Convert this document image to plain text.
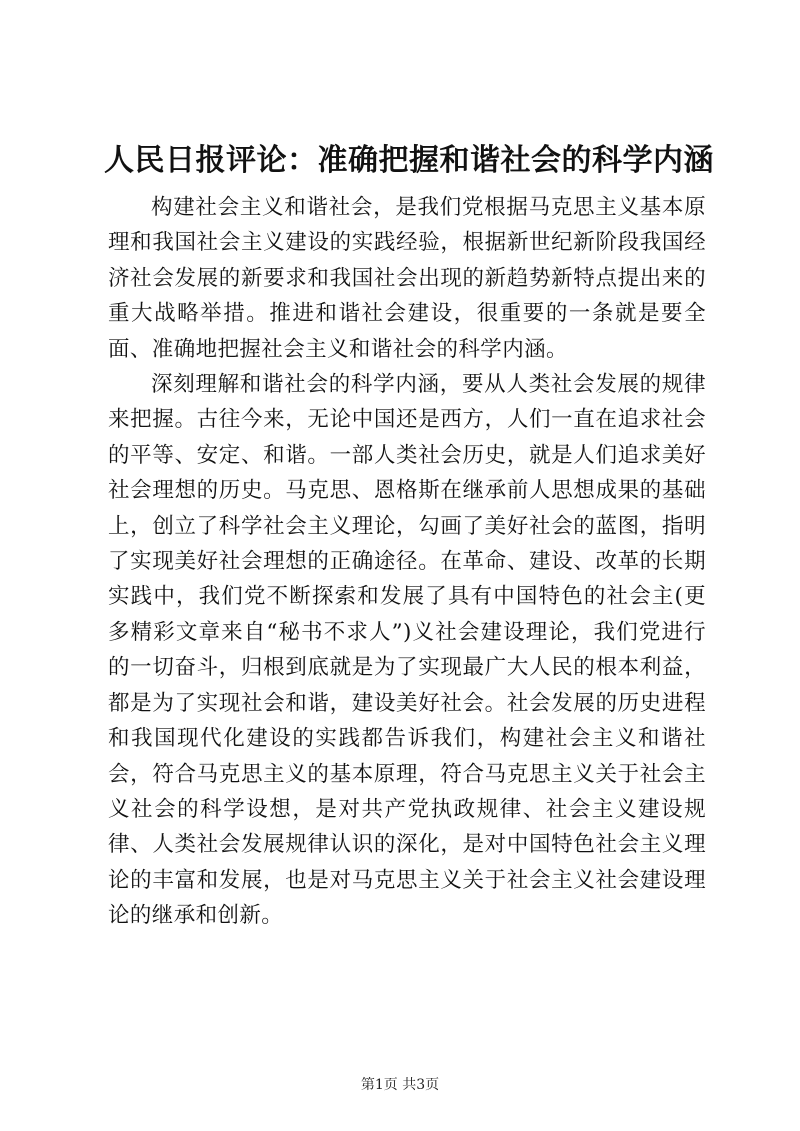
人民日报评论：准确把握和谐社会的科学内涵

构建社会主义和谐社会，是我们党根据马克思主义基本原理和我国社会主义建设的实践经验，根据新世纪新阶段我国经济社会发展的新要求和我国社会出现的新趋势新特点提出来的重大战略举措。推进和谐社会建设，很重要的一条就是要全面、准确地把握社会主义和谐社会的科学内涵。

深刻理解和谐社会的科学内涵，要从人类社会发展的规律来把握。古往今来，无论中国还是西方，人们一直在追求社会的平等、安定、和谐。一部人类社会历史，就是人们追求美好社会理想的历史。马克思、恩格斯在继承前人思想成果的基础上，创立了科学社会主义理论，勾画了美好社会的蓝图，指明了实现美好社会理想的正确途径。在革命、建设、改革的长期实践中，我们党不断探索和发展了具有中国特色的社会主(更多精彩文章来自“秘书不求人”)义社会建设理论，我们党进行的一切奋斗，归根到底就是为了实现最广大人民的根本利益，都是为了实现社会和谐，建设美好社会。社会发展的历史进程和我国现代化建设的实践都告诉我们，构建社会主义和谐社会，符合马克思主义的基本原理，符合马克思主义关于社会主义社会的科学设想，是对共产党执政规律、社会主义建设规律、人类社会发展规律认识的深化，是对中国特色社会主义理论的丰富和发展，也是对马克思主义关于社会主义社会建设理论的继承和创新。

第1页 共3页
